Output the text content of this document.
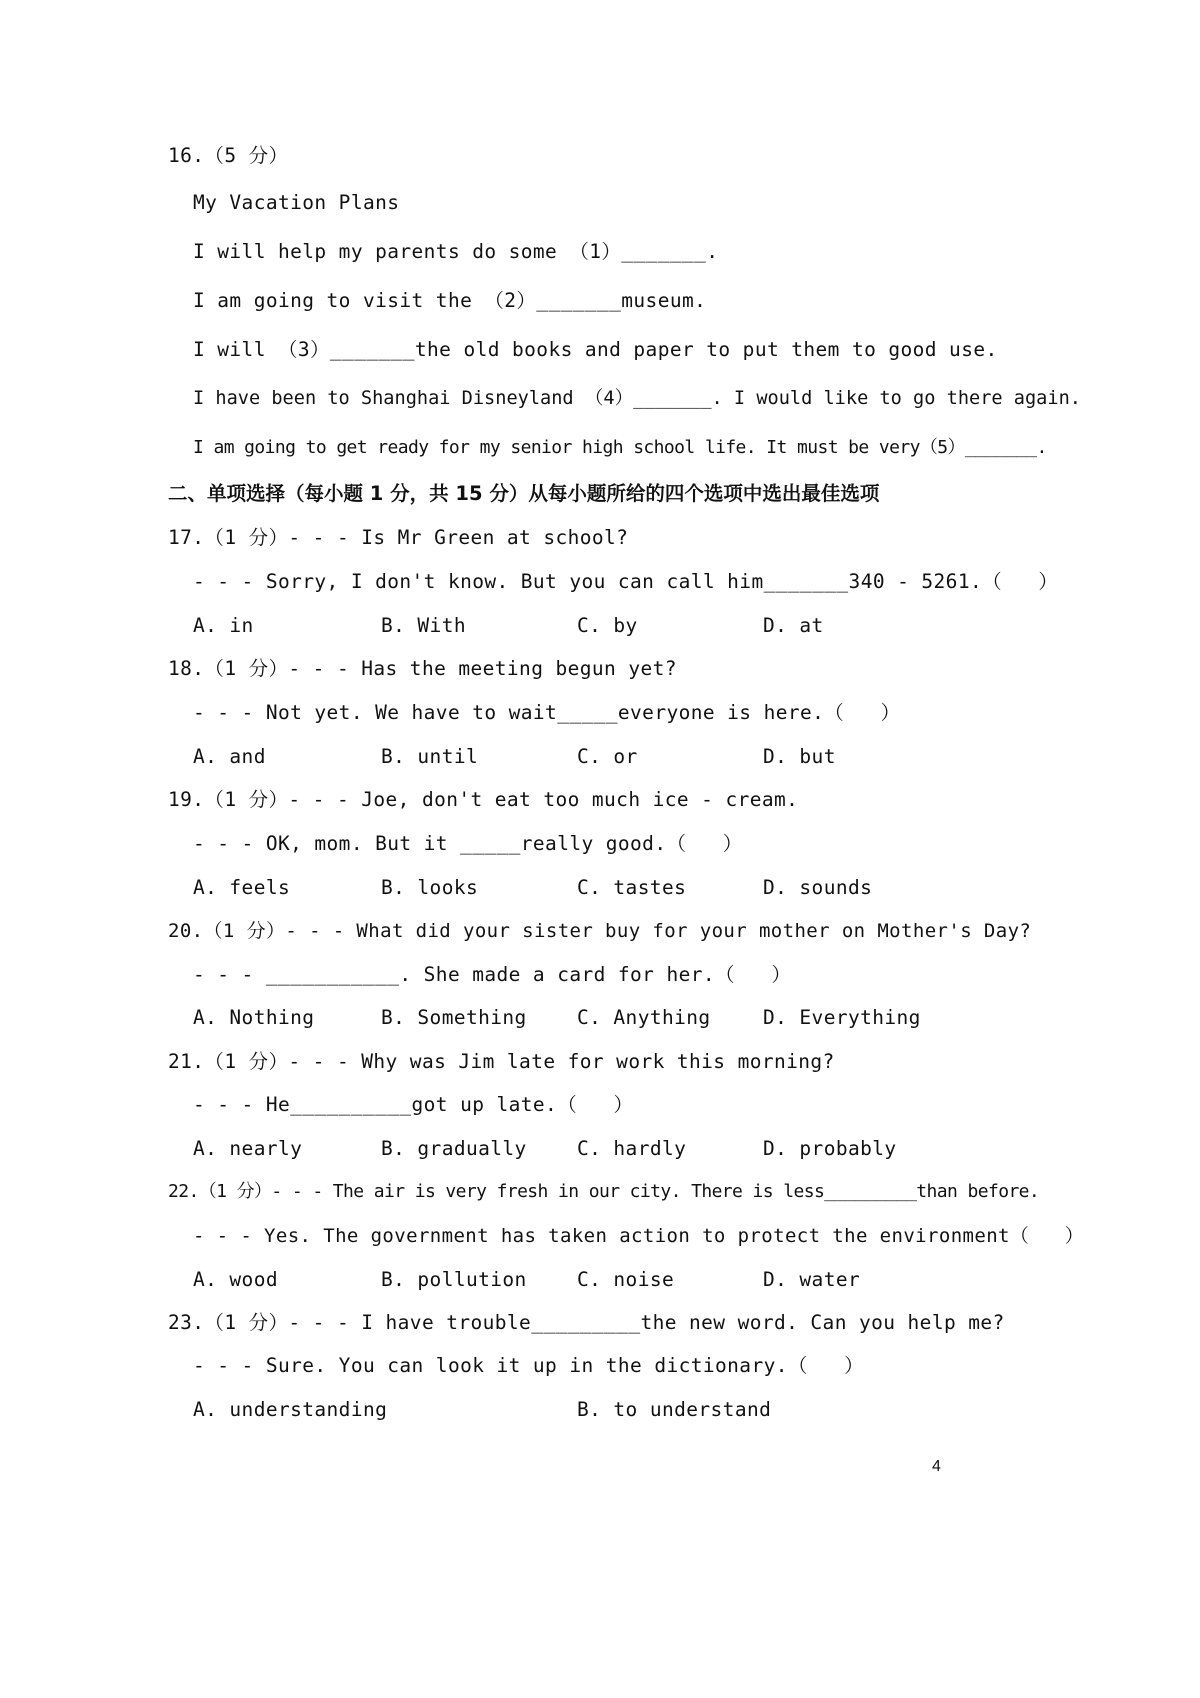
16.（5 分）
My Vacation Plans
I will help my parents do some （1）_______.
I am going to visit the （2）_______museum.
I will （3）_______the old books and paper to put them to good use.
I have been to Shanghai Disneyland （4）_______. I would like to go there again.
I am going to get ready for my senior high school life. It must be very（5）_______.
二、单项选择（每小题 1 分，共 15 分）从每小题所给的四个选项中选出最佳选项
17.（1 分）- - - Is Mr Green at school?
- - - Sorry, I don't know. But you can call him_______340 - 5261.（   ）
A. in	B. With	C. by	D. at
18.（1 分）- - - Has the meeting begun yet?
- - - Not yet. We have to wait_____everyone is here.（   ）
A. and	B. until	C. or	D. but
19.（1 分）- - - Joe, don't eat too much ice - cream.
- - - OK, mom. But it _____really good.（   ）
A. feels	B. looks	C. tastes	D. sounds
20.（1 分）- - - What did your sister buy for your mother on Mother's Day?
- - - ___________. She made a card for her.（   ）
A. Nothing	B. Something	C. Anything	D. Everything
21.（1 分）- - - Why was Jim late for work this morning?
- - - He__________got up late.（   ）
A. nearly	B. gradually	C. hardly	D. probably
22.（1 分）- - - The air is very fresh in our city. There is less_________than before.
- - - Yes. The government has taken action to protect the environment（   ）
A. wood	B. pollution	C. noise	D. water
23.（1 分）- - - I have trouble_________the new word. Can you help me?
- - - Sure. You can look it up in the dictionary.（   ）
A. understanding	B. to understand
4
